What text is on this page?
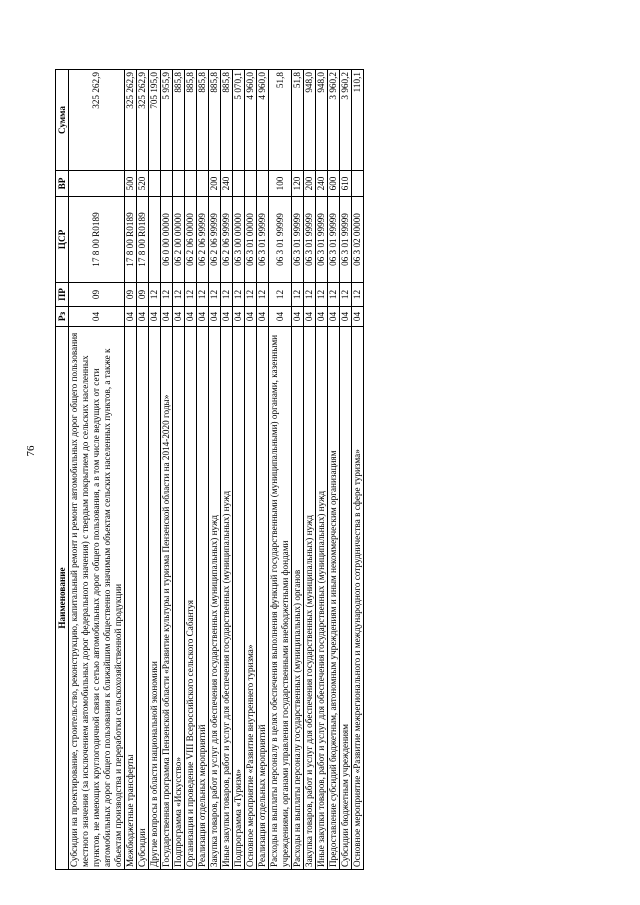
76
Наименование	Рз	ПР	ЦСР	ВР	Сумма
Субсидии на проектирование, строительство, реконструкцию, капитальный ремонт и ремонт автомобильных дорог общего пользования местного значения (за исключением автомобильных дорог федерального значения) с твердым покрытием до сельских населенных пунктов, не имеющих круглогодичной связи с сетью автомобильных дорог общего пользования, а в том числе ведущих от сети автомобильных дорог общего пользования к ближайшим общественно значимым объектам сельских населенных пунктов, а также к объектам производства и переработки сельскохозяйственной продукции	04	09	17 8 00 R0189		325 262,9
Межбюджетные трансферты	04	09	17 8 00 R0189	500	325 262,9
Субсидии	04	09	17 8 00 R0189	520	325 262,9
Другие вопросы в области национальной экономики	04	12			705 195,0
Государственная программа Пензенской области «Развитие культуры и туризма Пензенской области на 2014-2020 годы»	04	12	06 0 00 00000		5 955,9
Подпрограмма «Искусство»	04	12	06 2 00 00000		885,8
Организация и проведение VIII Всероссийского сельского Сабантуя	04	12	06 2 06 00000		885,8
Реализация отдельных мероприятий	04	12	06 2 06 99999		885,8
Закупка товаров, работ и услуг для обеспечения государственных (муниципальных) нужд	04	12	06 2 06 99999	200	885,8
Иные закупки товаров, работ и услуг для обеспечения государственных (муниципальных) нужд	04	12	06 2 06 99999	240	885,8
Подпрограмма «Туризм»	04	12	06 3 00 00000		5 070,1
Основное мероприятие «Развитие внутреннего туризма»	04	12	06 3 01 00000		4 960,0
Реализация отдельных мероприятий	04	12	06 3 01 99999		4 960,0
Расходы на выплаты персоналу в целях обеспечения выполнения функций государственными (муниципальными) органами, казенными учреждениями, органами управления государственными внебюджетными фондами	04	12	06 3 01 99999	100	51,8
Расходы на выплаты персоналу государственных (муниципальных) органов	04	12	06 3 01 99999	120	51,8
Закупка товаров, работ и услуг для обеспечения государственных (муниципальных) нужд	04	12	06 3 01 99999	200	948,0
Иные закупки товаров, работ и услуг для обеспечения государственных (муниципальных) нужд	04	12	06 3 01 99999	240	948,0
Предоставление субсидий бюджетным, автономным учреждениям и иным некоммерческим организациям	04	12	06 3 01 99999	600	3 960,2
Субсидии бюджетным учреждениям	04	12	06 3 01 99999	610	3 960,2
Основное мероприятие «Развитие межрегионального и международного сотрудничества в сфере туризма»	04	12	06 3 02 00000		110,1
